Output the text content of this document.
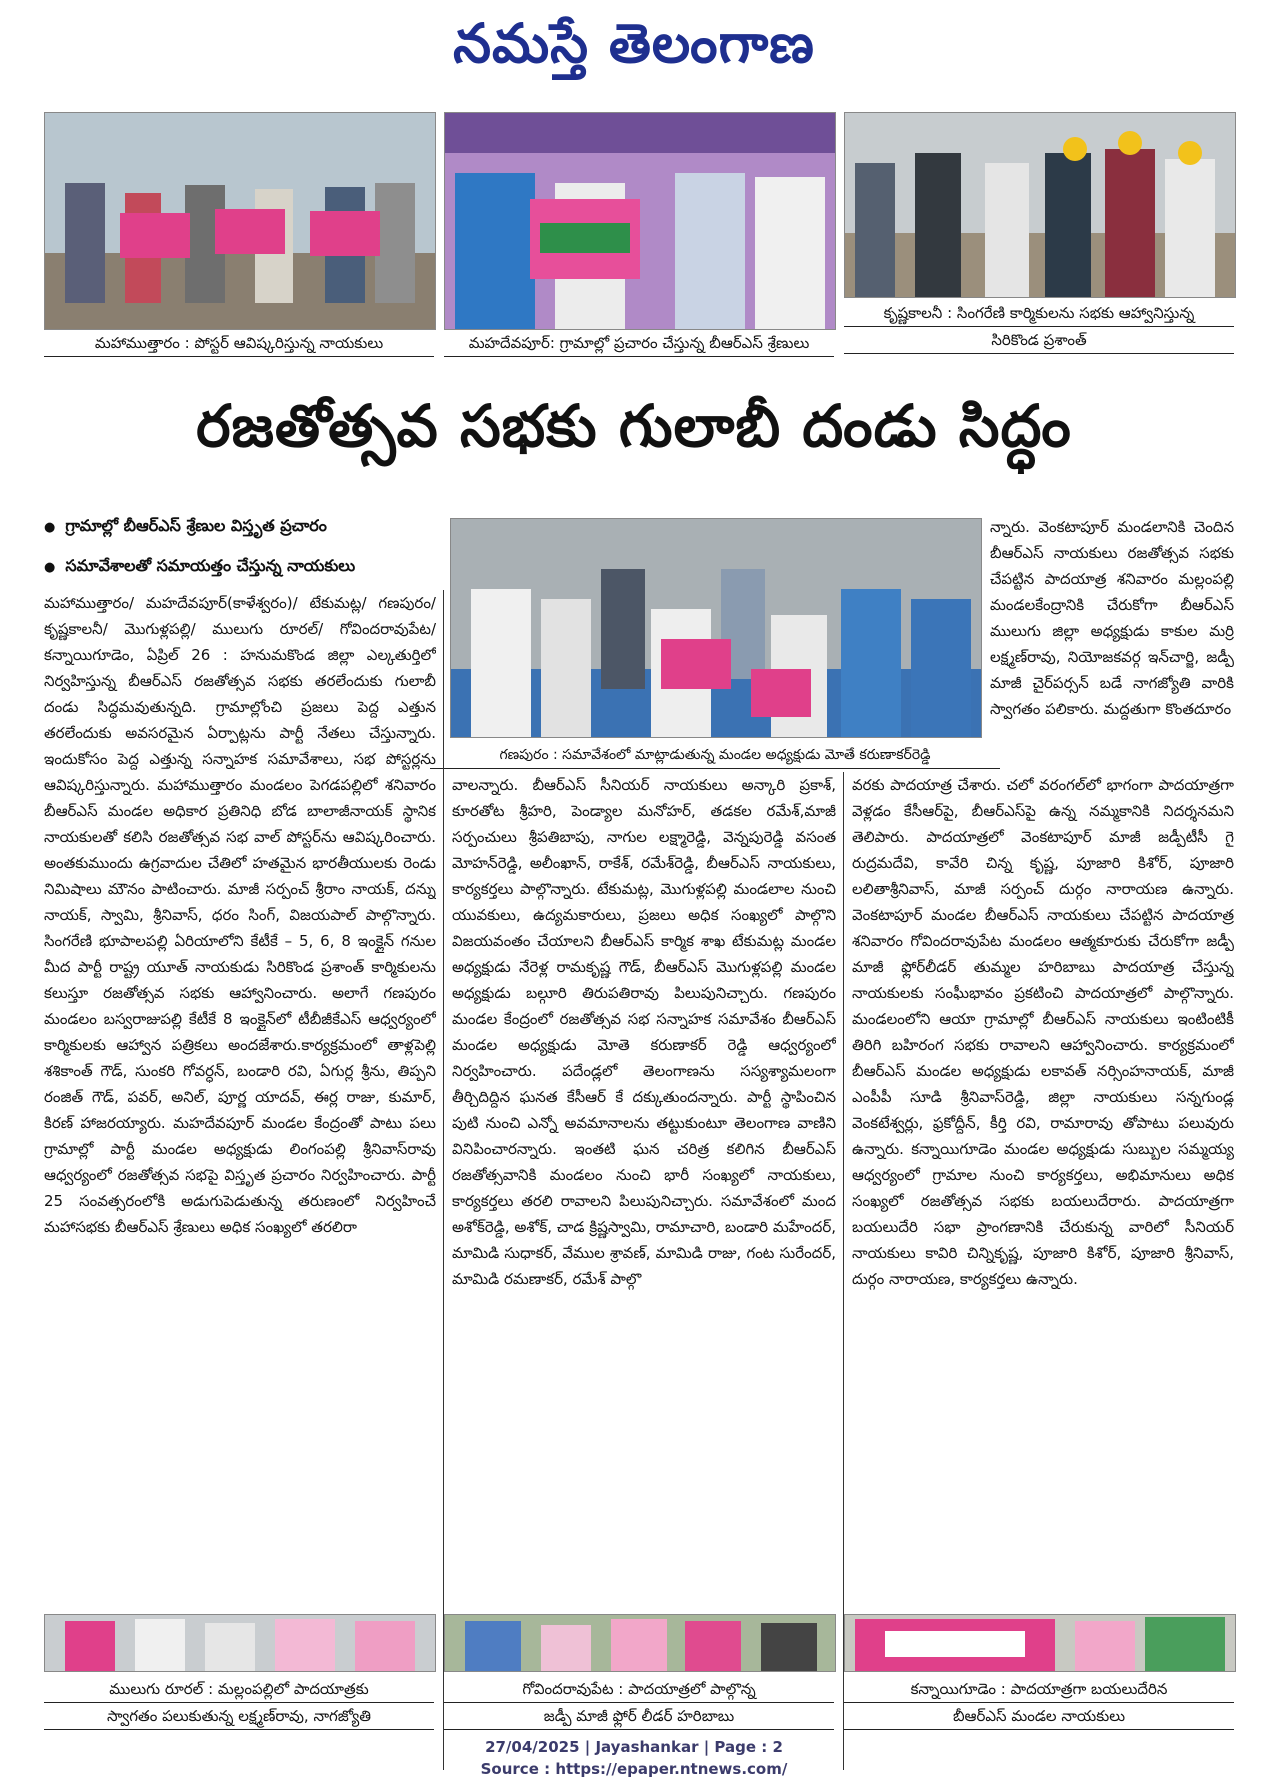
నమస్తే తెలంగాణ
మహాముత్తారం : పోస్టర్ ఆవిష్కరిస్తున్న నాయకులు	మహదేవపూర్: గ్రామాల్లో ప్రచారం చేస్తున్న బీఆర్ఎస్ శ్రేణులు
కృష్ణకాలనీ : సింగరేణి కార్మికులను సభకు ఆహ్వానిస్తున్న
సిరికొండ ప్రశాంత్
రజతోత్సవ సభకు గులాబీ దండు సిద్ధం
● గ్రామాల్లో బీఆర్ఎస్ శ్రేణుల విస్తృత ప్రచారం
● సమావేశాలతో సమాయత్తం చేస్తున్న నాయకులు
గణపురం : సమావేశంలో మాట్లాడుతున్న మండల అధ్యక్షుడు మోతే కరుణాకర్‌రెడ్డి

మహాముత్తారం/ మహదేవపూర్(కాళేశ్వరం)/ టేకుమట్ల/ గణపురం/ కృష్ణకాలనీ/ మొగుళ్లపల్లి/ ములుగు రూరల్/ గోవిందరావుపేట/ కన్నాయిగూడెం, ఏప్రిల్ 26 : హనుమకొండ జిల్లా ఎల్కతుర్తిలో నిర్వహిస్తున్న బీఆర్ఎస్ రజతోత్సవ సభకు తరలేందుకు గులాబీ దండు సిద్ధమవుతున్నది. గ్రామాల్లోంచి ప్రజలు పెద్ద ఎత్తున తరలేందుకు అవసరమైన ఏర్పాట్లను పార్టీ నేతలు చేస్తున్నారు. ఇందుకోసం పెద్ద ఎత్తున్న సన్నాహక సమావేశాలు, సభ పోస్టర్లను ఆవిష్కరిస్తున్నారు. మహాముత్తారం మండలం పెగడపల్లిలో శనివారం బీఆర్ఎస్ మండల అధికార ప్రతినిధి బోడ బాలాజీనాయక్ స్థానిక నాయకులతో కలిసి రజతోత్సవ సభ వాల్ పోస్టర్‌ను ఆవిష్కరించారు. అంతకుముందు ఉగ్రవాదుల చేతిలో హతమైన భారతీయులకు రెండు నిమిషాలు మౌనం పాటించారు. మాజీ సర్పంచ్ శ్రీరాం నాయక్, దన్ను నాయక్, స్వామి, శ్రీనివాస్, ధరం సింగ్, విజయపాల్ పాల్గొన్నారు. సింగరేణి భూపాలపల్లి ఏరియాలోని కేటీకే – 5, 6, 8 ఇంక్లైన్ గనుల మీద పార్టీ రాష్ట్ర యూత్ నాయకుడు సిరికొండ ప్రశాంత్ కార్మికులను కలుస్తూ రజతోత్సవ సభకు ఆహ్వానించారు. అలాగే గణపురం మండలం బస్వరాజుపల్లి కేటీకే 8 ఇంక్లైన్‌లో టీబీజీకేఎస్ ఆధ్వర్యంలో కార్మికులకు ఆహ్వాన పత్రికలు అందజేశారు.కార్యక్రమంలో తాళ్లపెల్లి శశికాంత్ గౌడ్, సుంకరి గోవర్ధన్, బండారి రవి, ఏగుర్ల శ్రీను, తిప్పని రంజిత్ గౌడ్, పవర్, అనిల్, పూర్ణ యాదవ్, ఈర్ల రాజు, కుమార్, కిరణ్ హాజరయ్యారు. మహదేవపూర్ మండల కేంద్రంతో పాటు పలు గ్రామాల్లో పార్టీ మండల అధ్యక్షుడు లింగంపల్లి శ్రీనివాస్‌రావు ఆధ్వర్యంలో రజతోత్సవ సభపై విస్తృత ప్రచారం నిర్వహించారు. పార్టీ 25 సంవత్సరంలోకి అడుగుపెడుతున్న తరుణంలో నిర్వహించే మహాసభకు బీఆర్ఎస్ శ్రేణులు అధిక సంఖ్యలో తరలిరా

వాలన్నారు. బీఆర్ఎస్ సీనియర్ నాయకులు అన్కారి ప్రకాశ్, కూరతోట శ్రీహరి, పెండ్యాల మనోహర్, తడకల రమేశ్,మాజీ సర్పంచులు శ్రీపతిబాపు, నాగుల లక్ష్మారెడ్డి, వెన్నపురెడ్డి వసంత మోహన్‌రెడ్డి, అలీంఖాన్, రాకేశ్, రమేశ్‌రెడ్డి, బీఆర్ఎస్ నాయకులు, కార్యకర్తలు పాల్గొన్నారు. టేకుమట్ల, మొగుళ్లపల్లి మండలాల నుంచి యువకులు, ఉద్యమకారులు, ప్రజలు అధిక సంఖ్యలో పాల్గొని విజయవంతం చేయాలని బీఆర్ఎస్ కార్మిక శాఖ టేకుమట్ల మండల అధ్యక్షుడు నేరెళ్ల రామకృష్ణ గౌడ్, బీఆర్ఎస్ మొగుళ్లపల్లి మండల అధ్యక్షుడు బల్గూరి తిరుపతిరావు పిలుపునిచ్చారు. గణపురం మండల కేంద్రంలో రజతోత్సవ సభ సన్నాహక సమావేశం బీఆర్ఎస్ మండల అధ్యక్షుడు మోతె కరుణాకర్ రెడ్డి ఆధ్వర్యంలో నిర్వహించారు. పదేండ్లలో తెలంగాణను సస్యశ్యామలంగా తీర్చిదిద్దిన ఘనత కేసీఆర్ కే దక్కుతుందన్నారు. పార్టీ స్థాపించిన పుటి నుంచి ఎన్నో అవమానాలను తట్టుకుంటూ తెలంగాణ వాణిని వినిపించారన్నారు. ఇంతటి ఘన చరిత్ర కలిగిన బీఆర్ఎస్ రజతోత్సవానికి మండలం నుంచి భారీ సంఖ్యలో నాయకులు, కార్యకర్తలు తరలి రావాలని పిలుపునిచ్చారు. సమావేశంలో మంద అశోక్‌రెడ్డి, అశోక్, చాడ క్రిష్ణస్వామి, రామాచారి, బండారి మహేందర్, మామిడి సుధాకర్, వేముల శ్రావణ్, మామిడి రాజు, గంట సురేందర్, మామిడి రమణాకర్, రమేశ్ పాల్గొ

న్నారు. వెంకటాపూర్ మండలానికి చెందిన బీఆర్ఎస్ నాయకులు రజతోత్సవ సభకు చేపట్టిన పాదయాత్ర శనివారం మల్లంపల్లి మండలకేంద్రానికి చేరుకోగా బీఆర్ఎస్ ములుగు జిల్లా అధ్యక్షుడు కాకుల మర్రి లక్ష్మణ్‌రావు, నియోజకవర్గ ఇన్‌చార్జి, జడ్పీ మాజీ చైర్‌పర్సన్ బడే నాగజ్యోతి వారికి స్వాగతం పలికారు. మద్దతుగా కొంతదూరం

వరకు పాదయాత్ర చేశారు. చలో వరంగల్‌లో భాగంగా పాదయాత్రగా వెళ్లడం కేసీఆర్‌పై, బీఆర్ఎస్‌పై ఉన్న నమ్మకానికి నిదర్శనమని తెలిపారు. పాదయాత్రలో వెంకటాపూర్ మాజీ జడ్పీటీసీ గై రుద్రమదేవి, కావేరి చిన్న కృష్ణ, పూజారి కిశోర్, పూజారి లలితాశ్రీనివాస్, మాజీ సర్పంచ్ దుర్గం నారాయణ ఉన్నారు. వెంకటాపూర్ మండల బీఆర్ఎస్ నాయకులు చేపట్టిన పాదయాత్ర శనివారం గోవిందరావుపేట మండలం ఆత్మకూరుకు చేరుకోగా జడ్పీ మాజీ ఫ్లోర్‌లీడర్ తుమ్మల హరిబాబు పాదయాత్ర చేస్తున్న నాయకులకు సంఘీభావం ప్రకటించి పాదయాత్రలో పాల్గొన్నారు. మండలంలోని ఆయా గ్రామాల్లో బీఆర్ఎస్ నాయకులు ఇంటింటికీ తిరిగి బహిరంగ సభకు రావాలని ఆహ్వానించారు. కార్యక్రమంలో బీఆర్ఎస్ మండల అధ్యక్షుడు లకావత్ నర్సింహనాయక్, మాజీ ఎంపీపీ సూడి శ్రీనివాస్‌రెడ్డి, జిల్లా నాయకులు సన్నగుండ్ల వెంకటేశ్వర్లు, ఫ్రకోద్దీన్, కీర్తి రవి, రామారావు తోపాటు పలువురు ఉన్నారు. కన్నాయిగూడెం మండల అధ్యక్షుడు సుబ్బుల సమ్మయ్య ఆధ్వర్యంలో గ్రామాల నుంచి కార్యకర్తలు, అభిమానులు అధిక సంఖ్యలో రజతోత్సవ సభకు బయలుదేరారు. పాదయాత్రగా బయలుదేరి సభా ప్రాంగణానికి చేరుకున్న వారిలో సీనియర్ నాయకులు కావిరి చిన్నికృష్ణ, పూజారి కిశోర్, పూజారి శ్రీనివాస్, దుర్గం నారాయణ, కార్యకర్తలు ఉన్నారు.

ములుగు రూరల్ : మల్లంపల్లిలో పాదయాత్రకు
స్వాగతం పలుకుతున్న లక్ష్మణ్‌రావు, నాగజ్యోతి
గోవిందరావుపేట : పాదయాత్రలో పాల్గొన్న
జడ్పీ మాజీ ఫ్లోర్ లీడర్ హరిబాబు
కన్నాయిగూడెం : పాదయాత్రగా బయలుదేరిన
బీఆర్ఎస్ మండల నాయకులు
27/04/2025 | Jayashankar | Page : 2
Source : https://epaper.ntnews.com/
